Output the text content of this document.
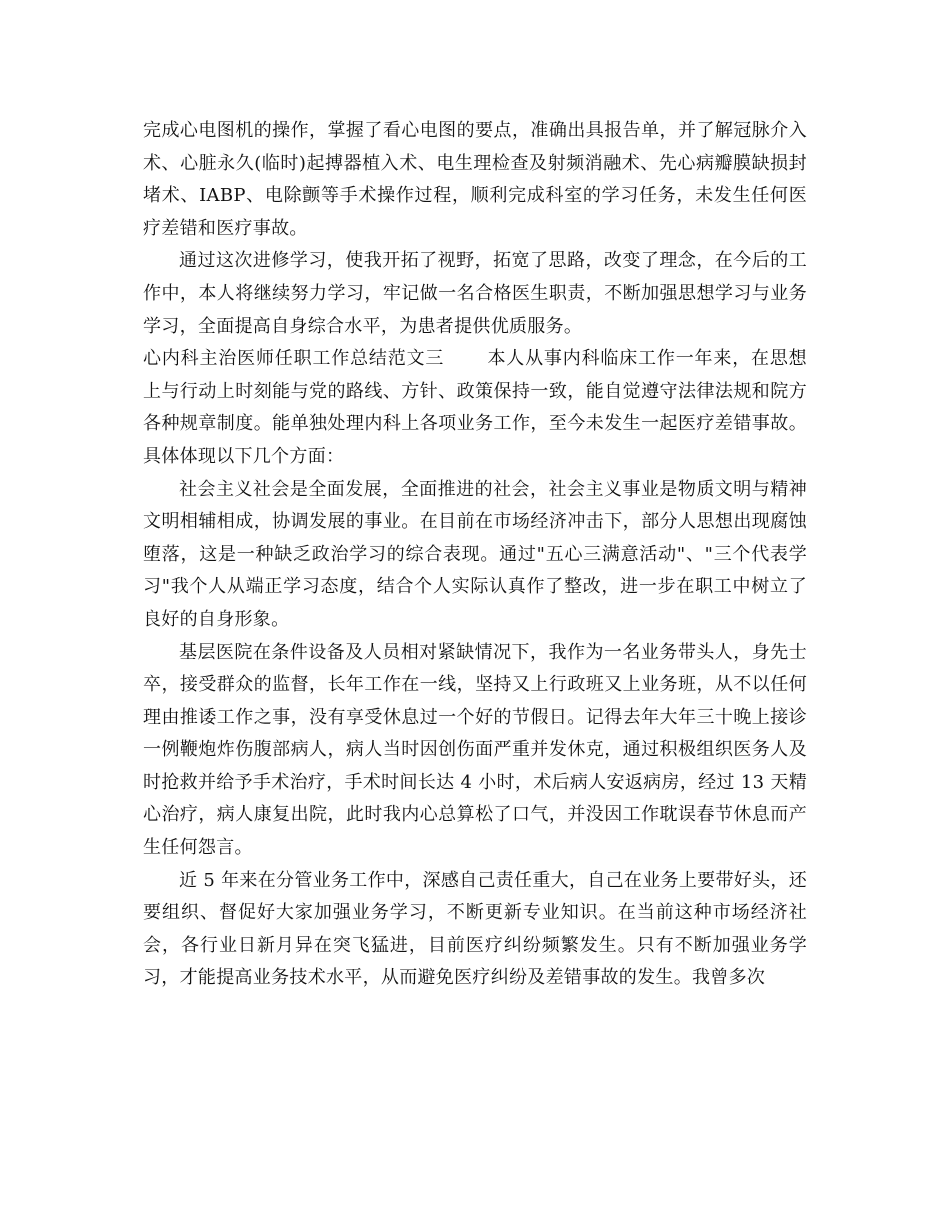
完成心电图机的操作，掌握了看心电图的要点，准确出具报告单，并了解冠脉介入术、心脏永久(临时)起搏器植入术、电生理检查及射频消融术、先心病瓣膜缺损封堵术、IABP、电除颤等手术操作过程，顺利完成科室的学习任务，未发生任何医疗差错和医疗事故。

通过这次进修学习，使我开拓了视野，拓宽了思路，改变了理念，在今后的工作中，本人将继续努力学习，牢记做一名合格医生职责，不断加强思想学习与业务学习，全面提高自身综合水平，为患者提供优质服务。

心内科主治医师任职工作总结范文三 本人从事内科临床工作一年来，在思想上与行动上时刻能与党的路线、方针、政策保持一致，能自觉遵守法律法规和院方各种规章制度。能单独处理内科上各项业务工作，至今未发生一起医疗差错事故。具体体现以下几个方面：

社会主义社会是全面发展，全面推进的社会，社会主义事业是物质文明与精神文明相辅相成，协调发展的事业。在目前在市场经济冲击下，部分人思想出现腐蚀堕落，这是一种缺乏政治学习的综合表现。通过"五心三满意活动"、"三个代表学习"我个人从端正学习态度，结合个人实际认真作了整改，进一步在职工中树立了良好的自身形象。

基层医院在条件设备及人员相对紧缺情况下，我作为一名业务带头人，身先士卒，接受群众的监督，长年工作在一线，坚持又上行政班又上业务班，从不以任何理由推诿工作之事，没有享受休息过一个好的节假日。记得去年大年三十晚上接诊一例鞭炮炸伤腹部病人，病人当时因创伤面严重并发休克，通过积极组织医务人及时抢救并给予手术治疗，手术时间长达 4 小时，术后病人安返病房，经过 13 天精心治疗，病人康复出院，此时我内心总算松了口气，并没因工作耽误春节休息而产生任何怨言。

近 5 年来在分管业务工作中，深感自己责任重大，自己在业务上要带好头，还要组织、督促好大家加强业务学习，不断更新专业知识。在当前这种市场经济社会，各行业日新月异在突飞猛进，目前医疗纠纷频繁发生。只有不断加强业务学习，才能提高业务技术水平，从而避免医疗纠纷及差错事故的发生。我曾多次
